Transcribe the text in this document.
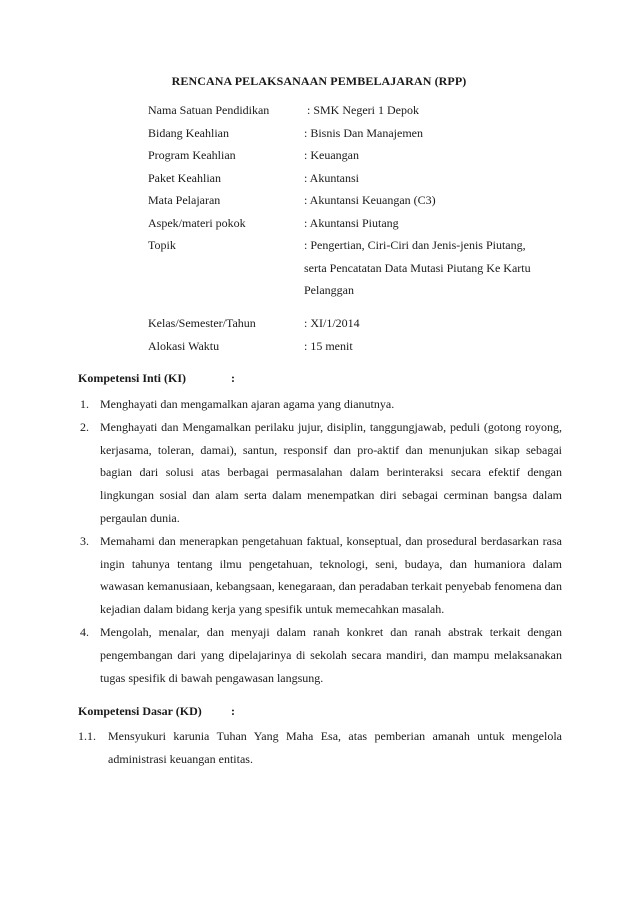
RENCANA PELAKSANAAN PEMBELAJARAN (RPP)
Nama Satuan Pendidikan	: SMK Negeri 1 Depok
Bidang Keahlian	: Bisnis Dan Manajemen
Program Keahlian	: Keuangan
Paket Keahlian	: Akuntansi
Mata Pelajaran	: Akuntansi Keuangan (C3)
Aspek/materi pokok	: Akuntansi Piutang
Topik	: Pengertian, Ciri-Ciri dan Jenis-jenis Piutang,
serta Pencatatan Data Mutasi Piutang Ke Kartu
Pelanggan
Kelas/Semester/Tahun	: XI/1/2014
Alokasi Waktu	: 15 menit
Kompetensi Inti (KI)	:
1. Menghayati dan mengamalkan ajaran agama yang dianutnya.
2. Menghayati dan Mengamalkan perilaku jujur, disiplin, tanggungjawab, peduli (gotong royong, kerjasama, toleran, damai), santun, responsif dan pro-aktif dan menunjukan sikap sebagai bagian dari solusi atas berbagai permasalahan dalam berinteraksi secara efektif dengan lingkungan sosial dan alam serta dalam menempatkan diri sebagai cerminan bangsa dalam pergaulan dunia.
3. Memahami dan menerapkan pengetahuan faktual, konseptual, dan prosedural berdasarkan rasa ingin tahunya tentang ilmu pengetahuan, teknologi, seni, budaya, dan humaniora dalam wawasan kemanusiaan, kebangsaan, kenegaraan, dan peradaban terkait penyebab fenomena dan kejadian dalam bidang kerja yang spesifik untuk memecahkan masalah.
4. Mengolah, menalar, dan menyaji dalam ranah konkret dan ranah abstrak terkait dengan pengembangan dari yang dipelajarinya di sekolah secara mandiri, dan mampu melaksanakan tugas spesifik di bawah pengawasan langsung.
Kompetensi Dasar (KD) :
1.1. Mensyukuri karunia Tuhan Yang Maha Esa, atas pemberian amanah untuk mengelola administrasi keuangan entitas.
